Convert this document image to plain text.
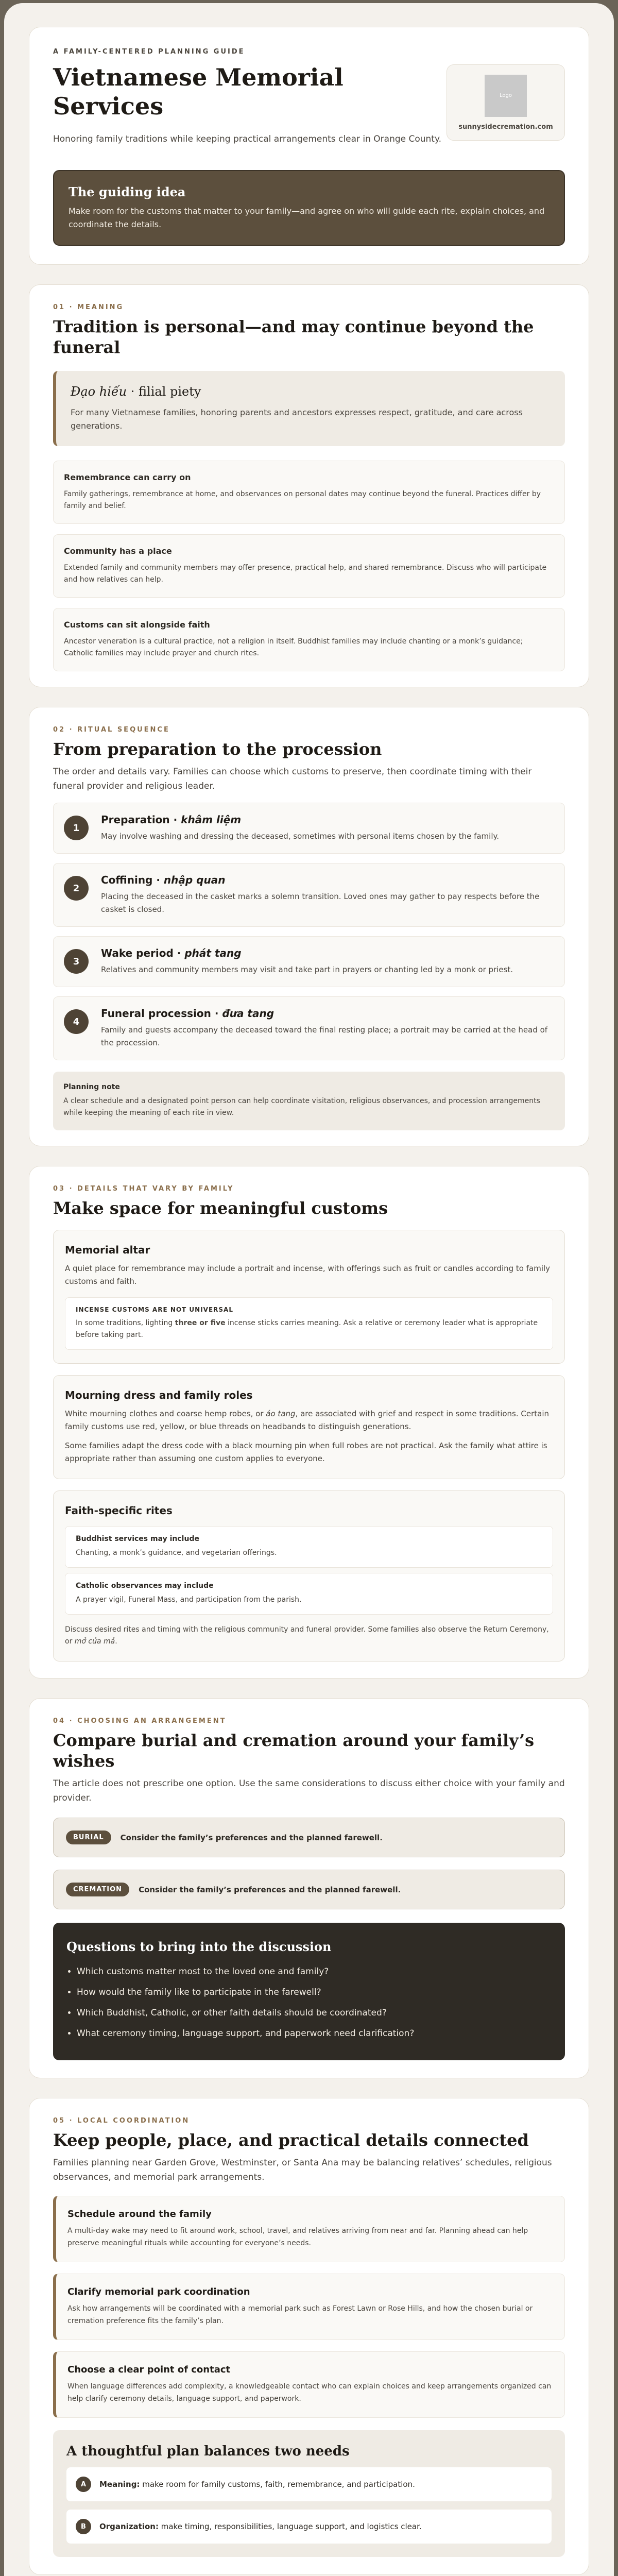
A FAMILY-CENTERED PLANNING GUIDE
Vietnamese Memorial
Services

Honoring family traditions while keeping practical arrangements clear in Orange County.

Logo
sunnysidecremation.com
The guiding idea
Make room for the customs that matter to your family—and agree on who will guide each rite, explain choices, and coordinate the details.
01 · MEANING
Tradition is personal—and may continue beyond the funeral
Đạo hiếu · filial piety
For many Vietnamese families, honoring parents and ancestors expresses respect, gratitude, and care across generations.
Remembrance can carry on
Family gatherings, remembrance at home, and observances on personal dates may continue beyond the funeral. Practices differ by family and belief.
Community has a place
Extended family and community members may offer presence, practical help, and shared remembrance. Discuss who will participate and how relatives can help.
Customs can sit alongside faith
Ancestor veneration is a cultural practice, not a religion in itself. Buddhist families may include chanting or a monk’s guidance; Catholic families may include prayer and church rites.
02 · RITUAL SEQUENCE
From preparation to the procession

The order and details vary. Families can choose which customs to preserve, then coordinate timing with their funeral provider and religious leader.

1
Preparation · khâm liệm
May involve washing and dressing the deceased, sometimes with personal items chosen by the family.
2
Coffining · nhập quan
Placing the deceased in the casket marks a solemn transition. Loved ones may gather to pay respects before the casket is closed.
3
Wake period · phát tang
Relatives and community members may visit and take part in prayers or chanting led by a monk or priest.
4
Funeral procession · đưa tang
Family and guests accompany the deceased toward the final resting place; a portrait may be carried at the head of the procession.
Planning note
A clear schedule and a designated point person can help coordinate visitation, religious observances, and procession arrangements while keeping the meaning of each rite in view.
03 · DETAILS THAT VARY BY FAMILY
Make space for meaningful customs
Memorial altar
A quiet place for remembrance may include a portrait and incense, with offerings such as fruit or candles according to family customs and faith.
INCENSE CUSTOMS ARE NOT UNIVERSAL
In some traditions, lighting three or five incense sticks carries meaning. Ask a relative or ceremony leader what is appropriate before taking part.
Mourning dress and family roles
White mourning clothes and coarse hemp robes, or áo tang, are associated with grief and respect in some traditions. Certain family customs use red, yellow, or blue threads on headbands to distinguish generations.
Some families adapt the dress code with a black mourning pin when full robes are not practical. Ask the family what attire is appropriate rather than assuming one custom applies to everyone.
Faith-specific rites
Buddhist services may include
Chanting, a monk’s guidance, and vegetarian offerings.
Catholic observances may include
A prayer vigil, Funeral Mass, and participation from the parish.
Discuss desired rites and timing with the religious community and funeral provider. Some families also observe the Return Ceremony, or mở cửa mả.
04 · CHOOSING AN ARRANGEMENT
Compare burial and cremation around your family’s wishes

The article does not prescribe one option. Use the same considerations to discuss either choice with your family and provider.

BURIAL	Consider the family’s preferences and the planned farewell.
CREMATION	Consider the family’s preferences and the planned farewell.
Questions to bring into the discussion
• Which customs matter most to the loved one and family?
• How would the family like to participate in the farewell?
• Which Buddhist, Catholic, or other faith details should be coordinated?
• What ceremony timing, language support, and paperwork need clarification?
05 · LOCAL COORDINATION
Keep people, place, and practical details connected

Families planning near Garden Grove, Westminster, or Santa Ana may be balancing relatives’ schedules, religious observances, and memorial park arrangements.

Schedule around the family
A multi-day wake may need to fit around work, school, travel, and relatives arriving from near and far. Planning ahead can help preserve meaningful rituals while accounting for everyone’s needs.
Clarify memorial park coordination
Ask how arrangements will be coordinated with a memorial park such as Forest Lawn or Rose Hills, and how the chosen burial or cremation preference fits the family’s plan.
Choose a clear point of contact
When language differences add complexity, a knowledgeable contact who can explain choices and keep arrangements organized can help clarify ceremony details, language support, and paperwork.
A thoughtful plan balances two needs
A	Meaning: make room for family customs, faith, remembrance, and participation.
B	Organization: make timing, responsibilities, language support, and logistics clear.
